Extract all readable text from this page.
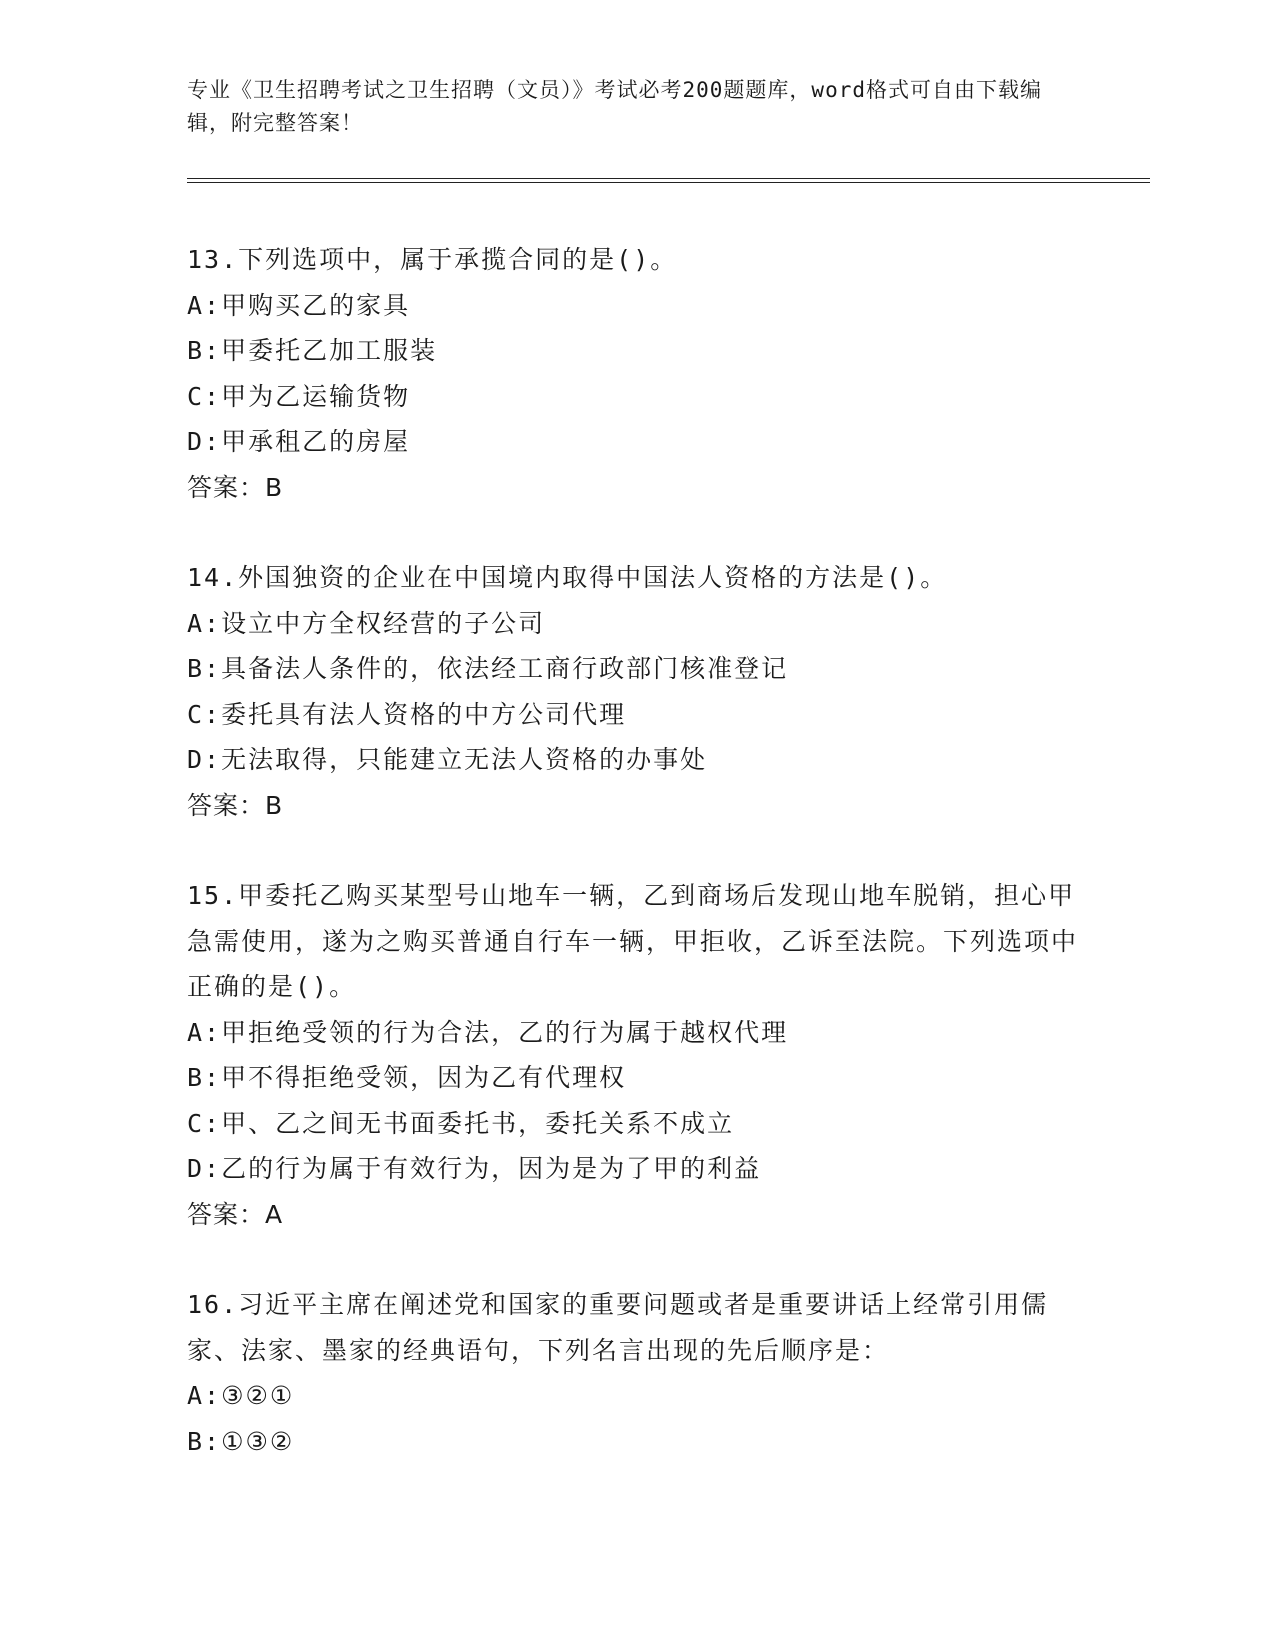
专业《卫生招聘考试之卫生招聘（文员）》考试必考200题题库，word格式可自由下载编辑，附完整答案！

13.下列选项中，属于承揽合同的是()。

A:甲购买乙的家具

B:甲委托乙加工服装

C:甲为乙运输货物

D:甲承租乙的房屋

答案：B

14.外国独资的企业在中国境内取得中国法人资格的方法是()。

A:设立中方全权经营的子公司

B:具备法人条件的，依法经工商行政部门核准登记

C:委托具有法人资格的中方公司代理

D:无法取得，只能建立无法人资格的办事处

答案：B

15.甲委托乙购买某型号山地车一辆，乙到商场后发现山地车脱销，担心甲急需使用，遂为之购买普通自行车一辆，甲拒收，乙诉至法院。下列选项中正确的是()。

A:甲拒绝受领的行为合法，乙的行为属于越权代理

B:甲不得拒绝受领，因为乙有代理权

C:甲、乙之间无书面委托书，委托关系不成立

D:乙的行为属于有效行为，因为是为了甲的利益

答案：A

16.习近平主席在阐述党和国家的重要问题或者是重要讲话上经常引用儒家、法家、墨家的经典语句，下列名言出现的先后顺序是：

A:③②①

B:①③②
